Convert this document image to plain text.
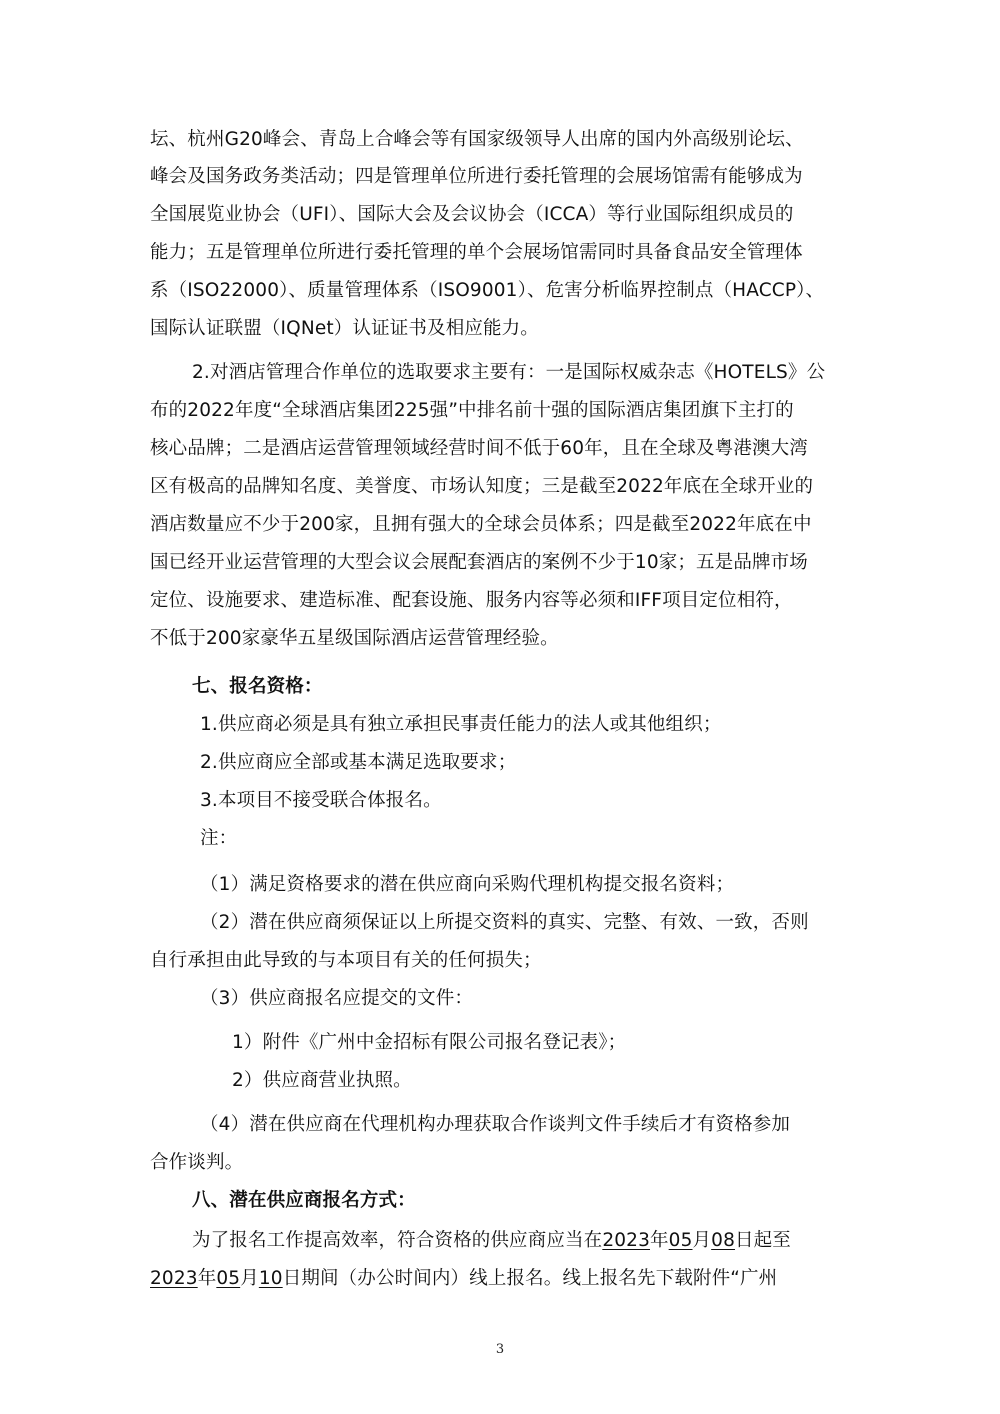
坛、杭州G20峰会、青岛上合峰会等有国家级领导人出席的国内外高级别论坛、

峰会及国务政务类活动；四是管理单位所进行委托管理的会展场馆需有能够成为

全国展览业协会（UFI）、国际大会及会议协会（ICCA）等行业国际组织成员的

能力；五是管理单位所进行委托管理的单个会展场馆需同时具备食品安全管理体

系（ISO22000）、质量管理体系（ISO9001）、危害分析临界控制点（HACCP）、

国际认证联盟（IQNet）认证证书及相应能力。

2.对酒店管理合作单位的选取要求主要有：一是国际权威杂志《HOTELS》公

布的2022年度“全球酒店集团225强”中排名前十强的国际酒店集团旗下主打的

核心品牌；二是酒店运营管理领域经营时间不低于60年，且在全球及粤港澳大湾

区有极高的品牌知名度、美誉度、市场认知度；三是截至2022年底在全球开业的

酒店数量应不少于200家，且拥有强大的全球会员体系；四是截至2022年底在中

国已经开业运营管理的大型会议会展配套酒店的案例不少于10家；五是品牌市场

定位、设施要求、建造标准、配套设施、服务内容等必须和IFF项目定位相符，

不低于200家豪华五星级国际酒店运营管理经验。

七、报名资格：

1.供应商必须是具有独立承担民事责任能力的法人或其他组织；

2.供应商应全部或基本满足选取要求；

3.本项目不接受联合体报名。

注：

（1）满足资格要求的潜在供应商向采购代理机构提交报名资料；

（2）潜在供应商须保证以上所提交资料的真实、完整、有效、一致，否则

自行承担由此导致的与本项目有关的任何损失；

（3）供应商报名应提交的文件：

1）附件《广州中金招标有限公司报名登记表》；

2）供应商营业执照。

（4）潜在供应商在代理机构办理获取合作谈判文件手续后才有资格参加

合作谈判。

八、潜在供应商报名方式：

为了报名工作提高效率，符合资格的供应商应当在2023年05月08日起至

2023年05月10日期间（办公时间内）线上报名。线上报名先下载附件“广州

3
